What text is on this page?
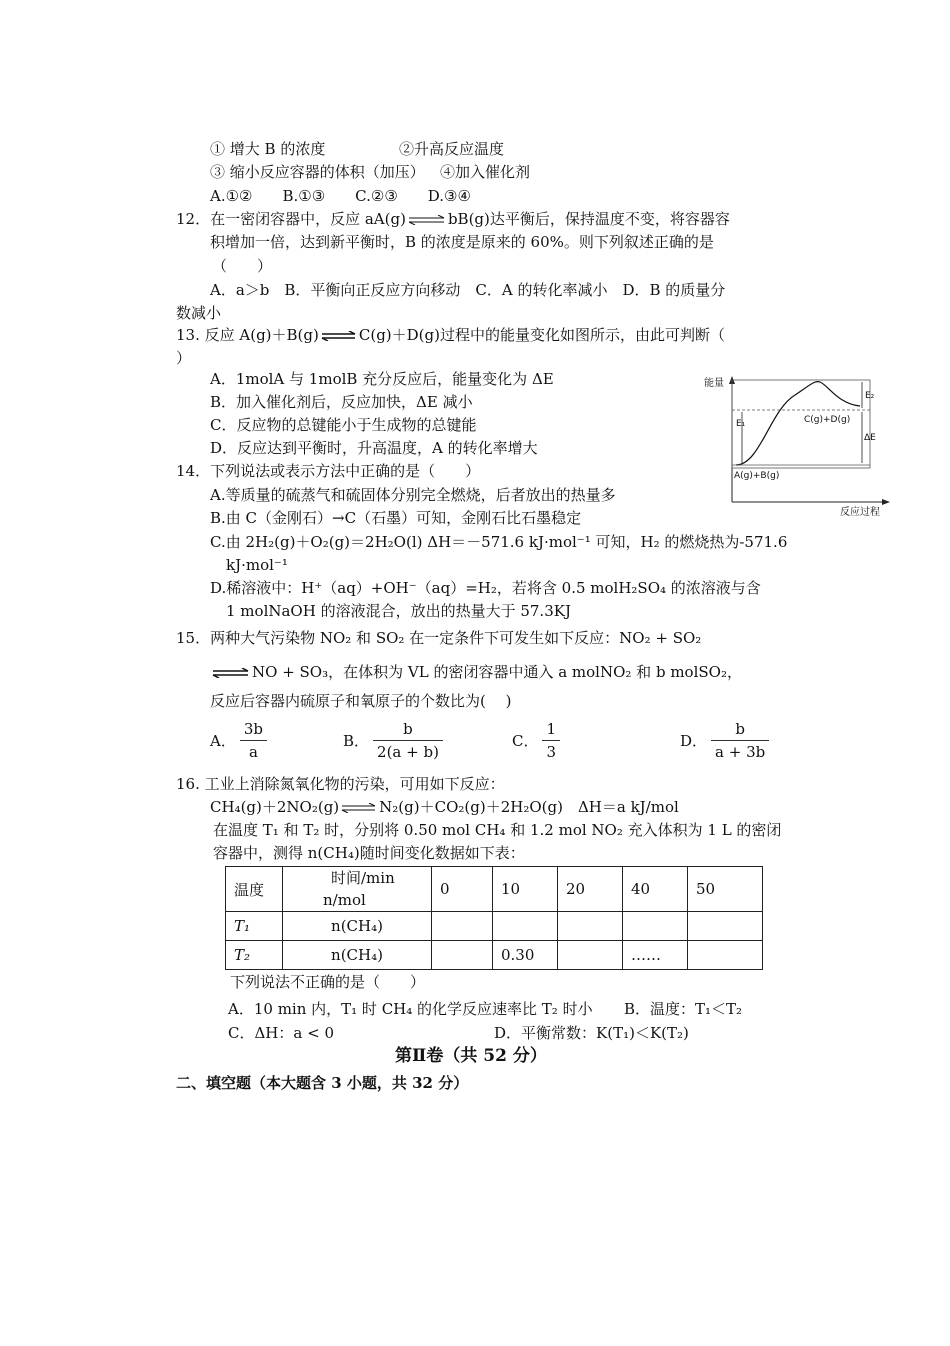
① 增大 B 的浓度	②升高反应温度
③ 缩小反应容器的体积（加压） ④加入催化剂
A.①②　　B.①③　　C.②③　　D.③④
12．在一密闭容器中，反应 aA(g) ⇌ bB(g)达平衡后，保持温度不变，将容器容
积增加一倍，达到新平衡时，B 的浓度是原来的 60%。则下列叙述正确的是
（　　）
A．a＞b　B．平衡向正反应方向移动　C．A 的转化率减小　D．B 的质量分
数减小
13. 反应 A(g)＋B(g) ⇌ C(g)＋D(g)过程中的能量变化如图所示，由此可判断（
）
A．1molA 与 1molB 充分反应后，能量变化为 ΔE
B．加入催化剂后，反应加快，ΔE 减小
C．反应物的总键能小于生成物的总键能
D．反应达到平衡时，升高温度，A 的转化率增大
能量
反应过程
E₂
E₁
ΔE
C(g)+D(g)
A(g)+B(g)
14．下列说法或表示方法中正确的是（　　）
A.等质量的硫蒸气和硫固体分别完全燃烧，后者放出的热量多
B.由 C（金刚石）→C（石墨）可知，金刚石比石墨稳定
C.由 2H₂(g)＋O₂(g)＝2H₂O(l) ΔH＝－571.6 kJ·mol⁻¹ 可知，H₂ 的燃烧热为-571.6
kJ·mol⁻¹
D.稀溶液中：H⁺（aq）+OH⁻（aq）=H₂，若将含 0.5 molH₂SO₄ 的浓溶液与含
1 molNaOH 的溶液混合，放出的热量大于 57.3KJ
15．两种大气污染物 NO₂ 和 SO₂ 在一定条件下可发生如下反应：NO₂ + SO₂
⇌ NO + SO₃，在体积为 VL 的密闭容器中通入 a molNO₂ 和 b molSO₂，
反应后容器内硫原子和氧原子的个数比为(　 )
A． $\frac{3b}{a}$	B． $\frac{b}{2(a + b)}$	C． $\frac{1}{3}$	D． $\frac{b}{a + 3b}$
16. 工业上消除氮氧化物的污染，可用如下反应：
CH₄(g)＋2NO₂(g) ⇌ N₂(g)＋CO₂(g)＋2H₂O(g)　ΔH＝a kJ/mol
在温度 T₁ 和 T₂ 时，分别将 0.50 mol CH₄ 和 1.2 mol NO₂ 充入体积为 1 L 的密闭
容器中，测得 n(CH₄)随时间变化数据如下表：
温度	时间/min
n/mol	0	10	20	40	50
T₁	n(CH₄)					
T₂	n(CH₄)		0.30		……	
下列说法不正确的是（　　）
A．10 min 内，T₁ 时 CH₄ 的化学反应速率比 T₂ 时小 B．温度：T₁＜T₂
C．ΔH：a < 0	D．平衡常数：K(T₁)＜K(T₂)
第Ⅱ卷（共 52 分）
二、填空题（本大题含 3 小题，共 32 分）
